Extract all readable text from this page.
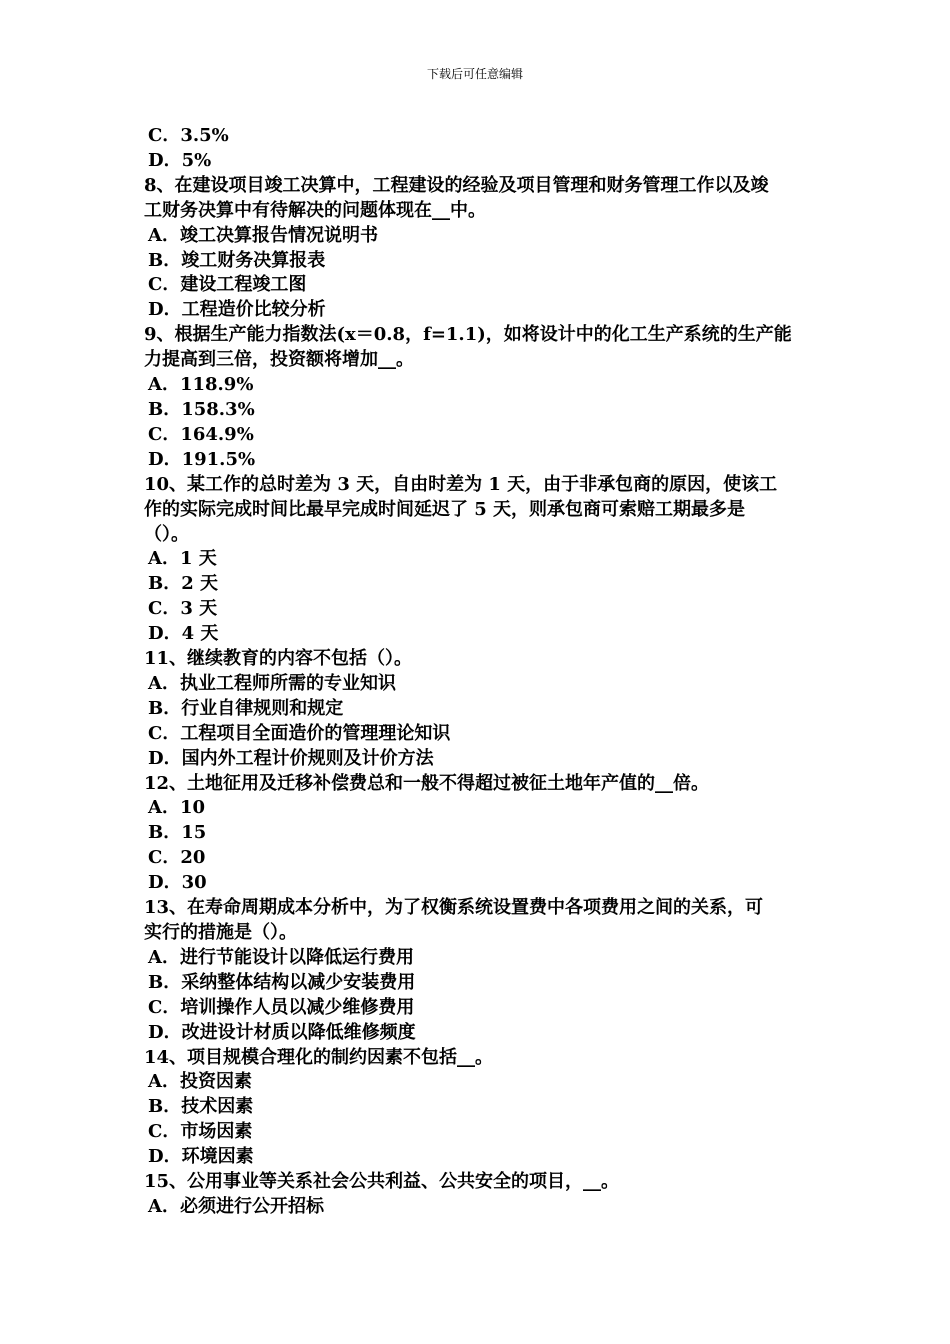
下载后可任意编辑
C．3.5%
D．5%
8、在建设项目竣工决算中，工程建设的经验及项目管理和财务管理工作以及竣
工财务决算中有待解决的问题体现在__中。
A．竣工决算报告情况说明书
B．竣工财务决算报表
C．建设工程竣工图
D．工程造价比较分析
9、根据生产能力指数法(x＝0.8，f=1.1)，如将设计中的化工生产系统的生产能
力提高到三倍，投资额将增加__。
A．118.9%
B．158.3%
C．164.9%
D．191.5%
10、某工作的总时差为 3 天，自由时差为 1 天，由于非承包商的原因，使该工
作的实际完成时间比最早完成时间延迟了 5 天，则承包商可索赔工期最多是
（）。
A．1 天
B．2 天
C．3 天
D．4 天
11、继续教育的内容不包括（）。
A．执业工程师所需的专业知识
B．行业自律规则和规定
C．工程项目全面造价的管理理论知识
D．国内外工程计价规则及计价方法
12、土地征用及迁移补偿费总和一般不得超过被征土地年产值的__倍。
A．10
B．15
C．20
D．30
13、在寿命周期成本分析中，为了权衡系统设置费中各项费用之间的关系，可
实行的措施是（）。
A．进行节能设计以降低运行费用
B．采纳整体结构以减少安装费用
C．培训操作人员以减少维修费用
D．改进设计材质以降低维修频度
14、项目规模合理化的制约因素不包括__。
A．投资因素
B．技术因素
C．市场因素
D．环境因素
15、公用事业等关系社会公共利益、公共安全的项目，__。
A．必须进行公开招标
